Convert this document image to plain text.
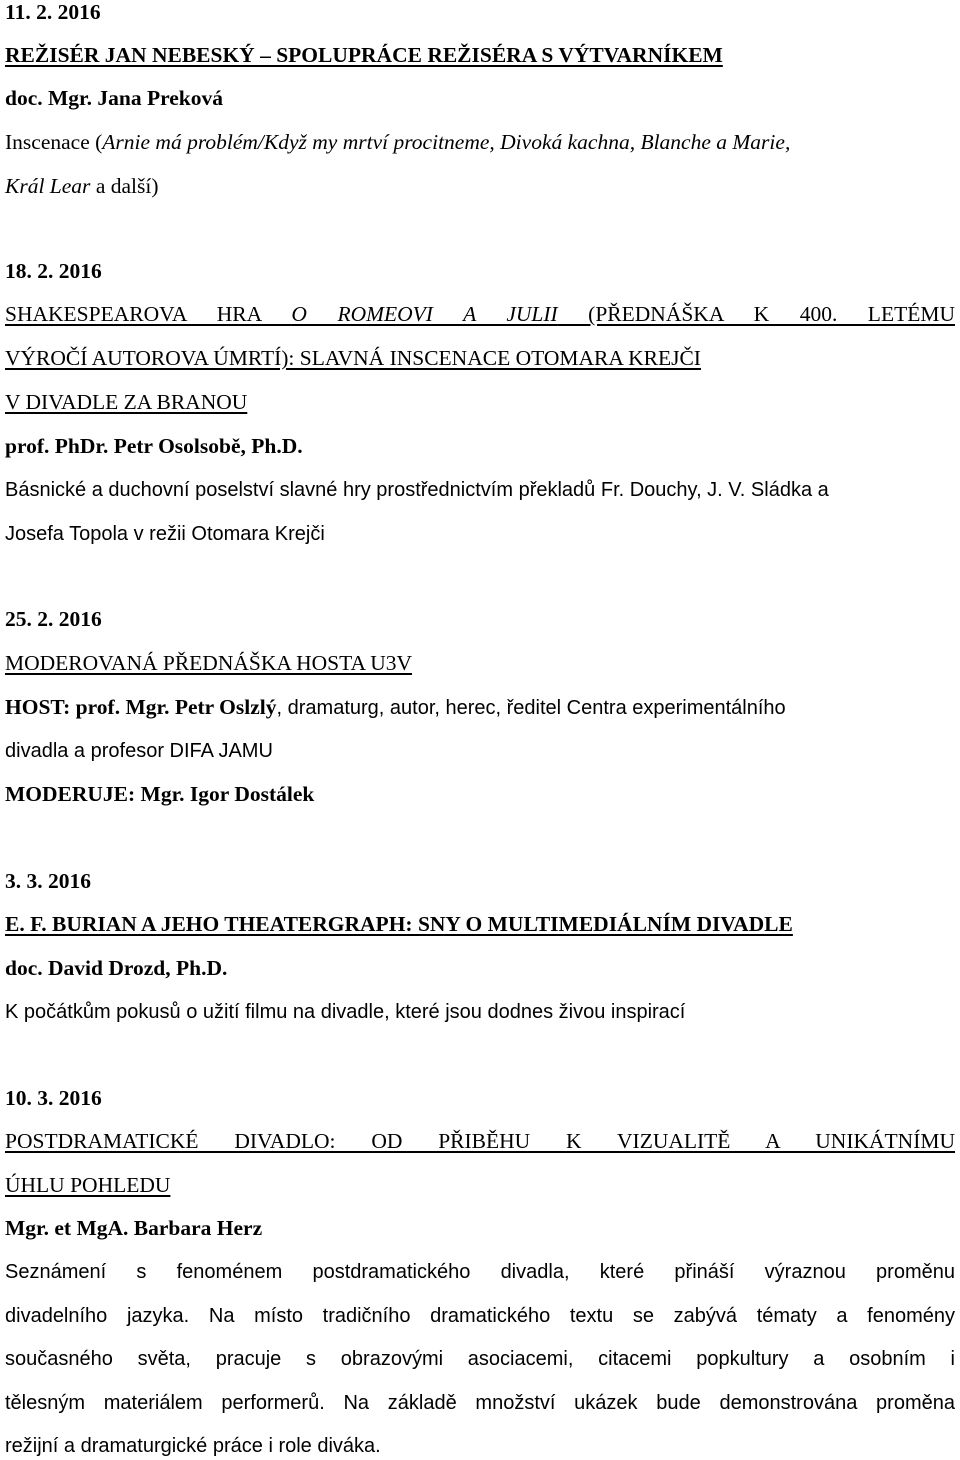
11. 2. 2016

REŽISÉR JAN NEBESKÝ – SPOLUPRÁCE REŽISÉRA S VÝTVARNÍKEM

doc. Mgr. Jana Preková

Inscenace (Arnie má problém/Když my mrtví procitneme, Divoká kachna, Blanche a Marie,

Král Lear a další)

18. 2. 2016

SHAKESPEAROVA HRA O ROMEOVI A JULII (PŘEDNÁŠKA K 400. LETÉMU

VÝROČÍ AUTOROVA ÚMRTÍ): SLAVNÁ INSCENACE OTOMARA KREJČI

V DIVADLE ZA BRANOU

prof. PhDr. Petr Osolsobě, Ph.D.

Básnické a duchovní poselství slavné hry prostřednictvím překladů Fr. Douchy, J. V. Sládka a

Josefa Topola v režii Otomara Krejči

25. 2. 2016

MODEROVANÁ PŘEDNÁŠKA HOSTA U3V

HOST: prof. Mgr. Petr Oslzlý, dramaturg, autor, herec, ředitel Centra experimentálního

divadla a profesor DIFA JAMU

MODERUJE: Mgr. Igor Dostálek

3. 3. 2016

E. F. BURIAN A JEHO THEATERGRAPH: SNY O MULTIMEDIÁLNÍM DIVADLE

doc. David Drozd, Ph.D.

K počátkům pokusů o užití filmu na divadle, které jsou dodnes živou inspirací

10. 3. 2016

POSTDRAMATICKÉ DIVADLO: OD PŘIBĚHU K VIZUALITĚ A UNIKÁTNÍMU

ÚHLU POHLEDU

Mgr. et MgA. Barbara Herz

Seznámení s fenoménem postdramatického divadla, které přináší výraznou proměnu

divadelního jazyka. Na místo tradičního dramatického textu se zabývá tématy a fenomény

současného světa, pracuje s obrazovými asociacemi, citacemi popkultury a osobním i

tělesným materiálem performerů. Na základě množství ukázek bude demonstrována proměna

režijní a dramaturgické práce i role diváka.
